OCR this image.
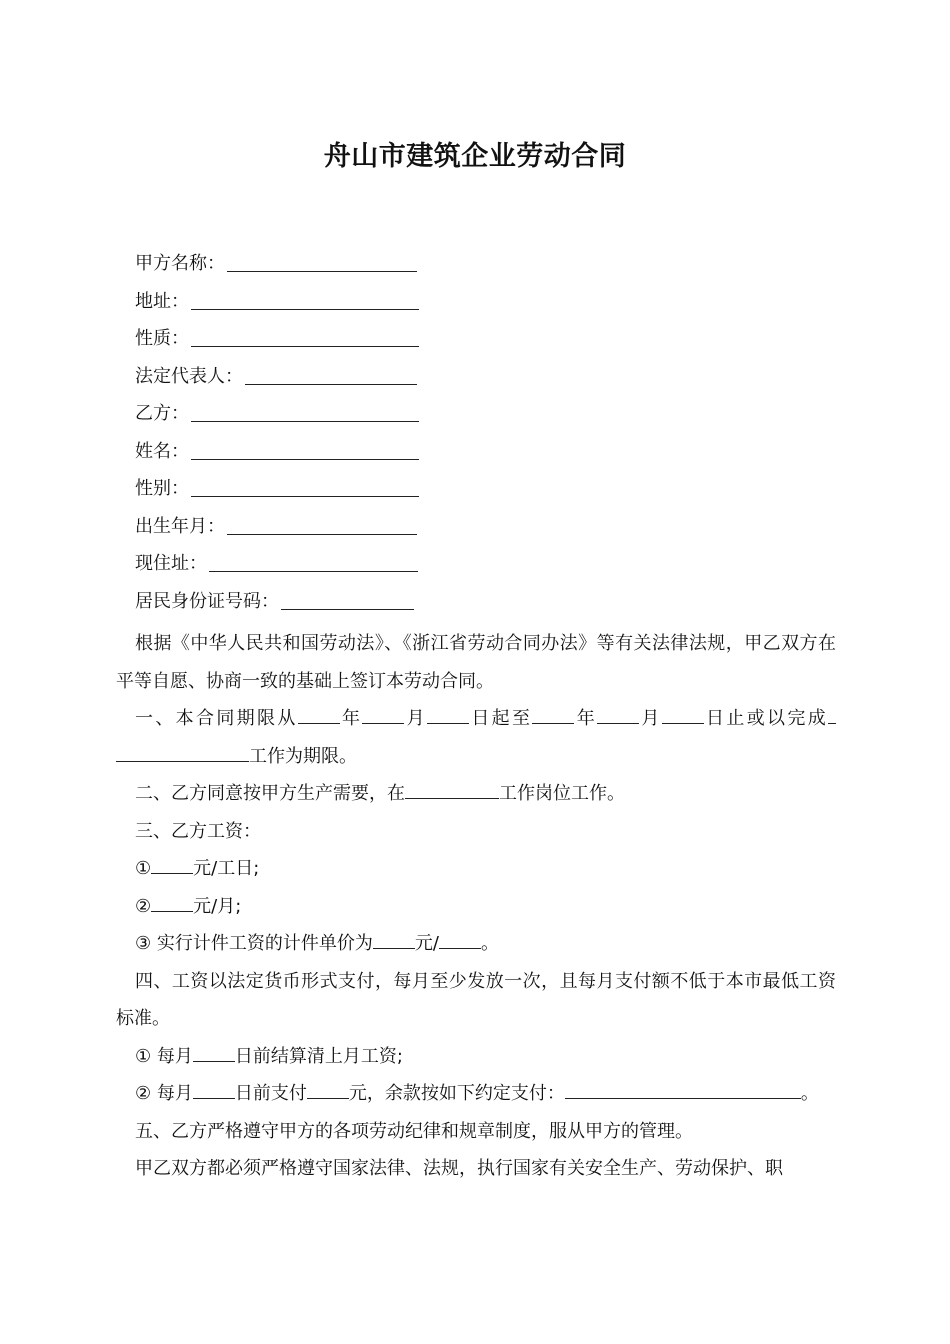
舟山市建筑企业劳动合同
甲方名称：
地址：
性质：
法定代表人：
乙方：
姓名：
性别：
出生年月：
现住址：
居民身份证号码：

根据《中华人民共和国劳动法》、《浙江省劳动合同办法》等有关法律法规，甲乙双方在平等自愿、协商一致的基础上签订本劳动合同。

一、本合同期限从 年 月 日起至 年 月 日止或以完成工作为期限。

二、乙方同意按甲方生产需要，在	工作岗位工作。

三、乙方工资：

① 元/工日;

② 元/月;

③ 实行计件工资的计件单价为 元/ 。

四、工资以法定货币形式支付，每月至少发放一次，且每月支付额不低于本市最低工资标准。

① 每月 日前结算清上月工资;

② 每月 日前支付 元，余款按如下约定支付：	。

五、乙方严格遵守甲方的各项劳动纪律和规章制度，服从甲方的管理。

甲乙双方都必须严格遵守国家法律、法规，执行国家有关安全生产、劳动保护、职
